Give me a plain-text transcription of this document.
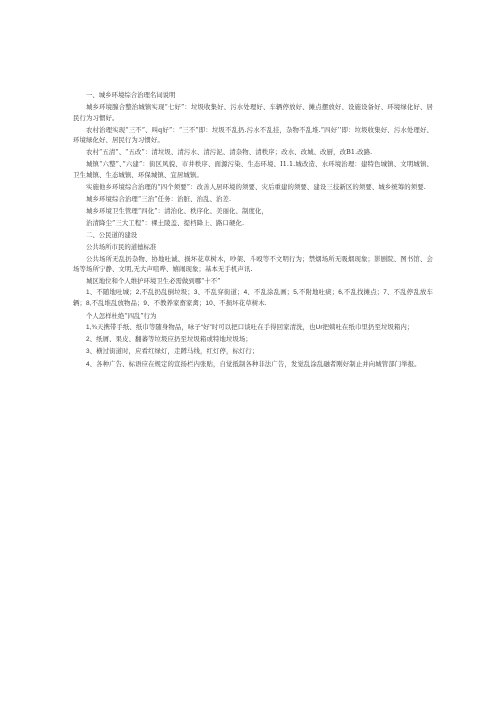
一、城乡环境综合治理名词说明
城乡环境腺合整治城镇实现“七好”：垃圾收集好、污水处理好、车辆停放好、摊点摆放好、设施设备好、环境绿化好、居民行为习惯好。
农村治理实现“三不”、叫q好”：“三不”即：垃圾不乱扔.污水不乱挂，杂物不乱堆.”四好’’即：垃圾收集好、污水处理好、环境绿化好、居民行为习惯好。
农村“五清”、“五改”：清垃圾、清污水、清污泥、清杂物、清秩序；改水、改城、改厨，改B1.改路.
城镇“六整”、”六建”：街区风貌、市井秩序、面源污染、生态环境、I1.1.城改造、水环境治理：建特色城镇、文明城镇、卫生城镇、生态城镇、环保城镇、宜居城镇。
实施他乡环境综合治理的“四个须要”：改善人居环境的须要、灾后重建的须要、建设三技新区的须要、城乡统筹的须要.
城乡环境综合治理“三治”任务：治脏、治乱、治差.
城乡环境卫生管理“四化”：清治化、秩序化、美丽化、制度化，
治清降尘”三大工程”：裸土陵盖、提档降上、路口硬化.
二、公民道的建设
公共场所市民的道德标准
公共场所无乱扔杂物、协地吐诚、损坏花草树木，吵架、斗殴等不文明行为；禁烟场所无吸烟现象；影剧院、图书馆、会场等场所宁静、文明,无大声喧哗、嬉闹现象；基本无手机声讯.
城区地位和个人维护环境卫生必需做到哪“十不”
1、不随地吐城；2,不乱扔乱倒垃圾；3、不乱穿街道；4、不乱涂乱画；5,不附地吐痰；6,不乱找摊点；7、不乱停乱放车辆；8,不乱堆乱放物品；9、不教养家畜家禽；10、不损坏花草树木.
个人怎样杜绝“四乱”行为
1,¾天携带手纸、纸巾等随身物品，咏子“好”时可以把口谈吐在手得回家清洗，也Ur把姨吐在纸巾里扔至垃圾箱内；
2、纸屑、果皮、翻蕃等垃圾应扔至垃圾箱或特地垃圾场；
3、横过街道时，应看红绿灯，走蹲马线，红灯停，标灯行；
4、各种广告、标语应在规定的宣扬栏内张贴，自觉抵制各种非法广告，发觉乱涂乱融者刚好制止并向城管部门举报。
